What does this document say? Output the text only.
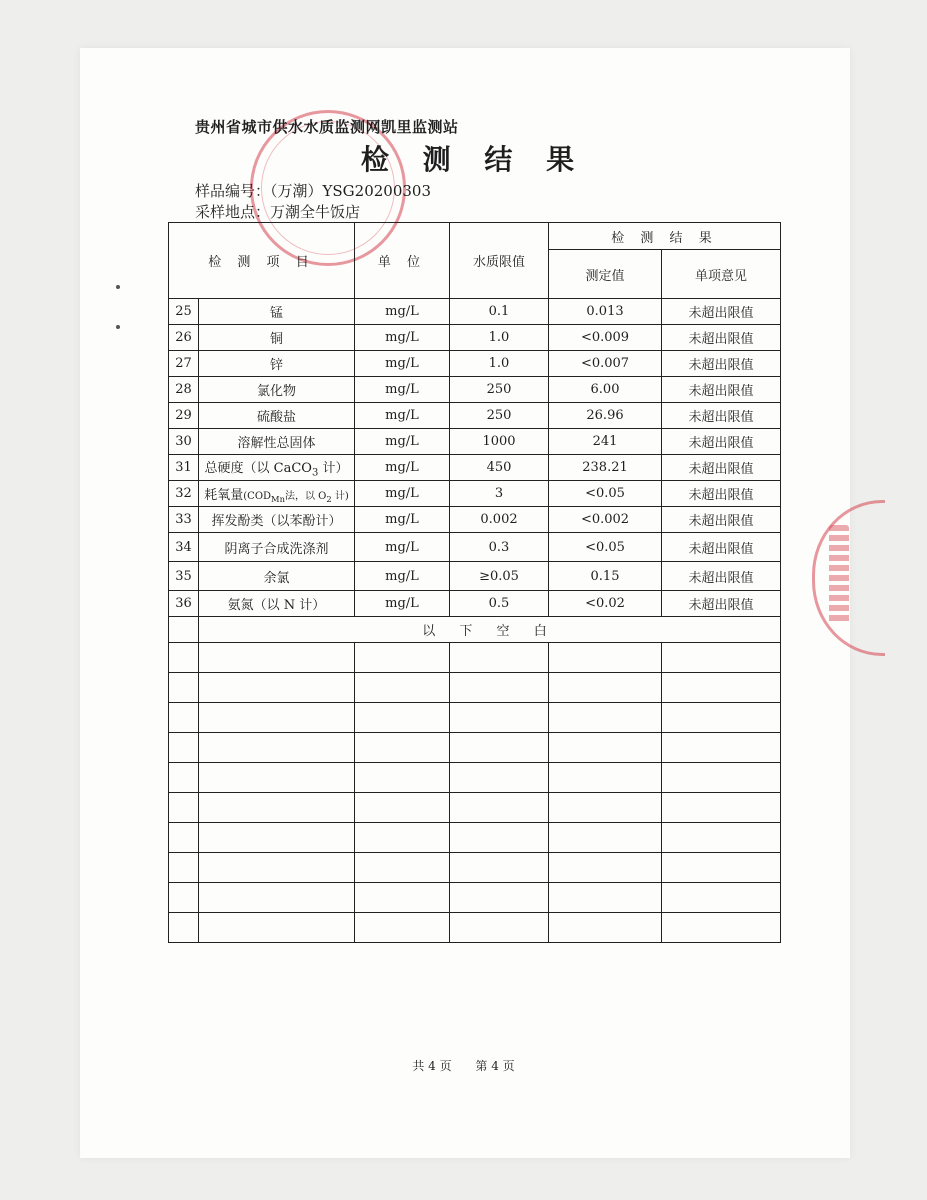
贵州省城市供水水质监测网凯里监测站
检 测 结 果
样品编号：（万潮）YSG20200303
采样地点：万潮全牛饭店
检 测 项 目		单 位	水质限值	检 测 结 果	
				测定值	单项意见
25	锰	mg/L	0.1	0.013	未超出限值
26	铜	mg/L	1.0	<0.009	未超出限值
27	锌	mg/L	1.0	<0.007	未超出限值
28	氯化物	mg/L	250	6.00	未超出限值
29	硫酸盐	mg/L	250	26.96	未超出限值
30	溶解性总固体	mg/L	1000	241	未超出限值
31	总硬度（以 CaCO$_3$ 计）	mg/L	450	238.21	未超出限值
32	耗氧量($COD_{Mn}$法，以 $O_2$ 计)	mg/L	3	<0.05	未超出限值
33	挥发酚类（以苯酚计）	mg/L	0.002	<0.002	未超出限值
34	阴离子合成洗涤剂	mg/L	0.3	<0.05	未超出限值
35	余氯	mg/L	≥0.05	0.15	未超出限值
36	氨氮（以 N 计）	mg/L	0.5	<0.02	未超出限值
	以 下 空 白				

共 4 页 第 4 页
